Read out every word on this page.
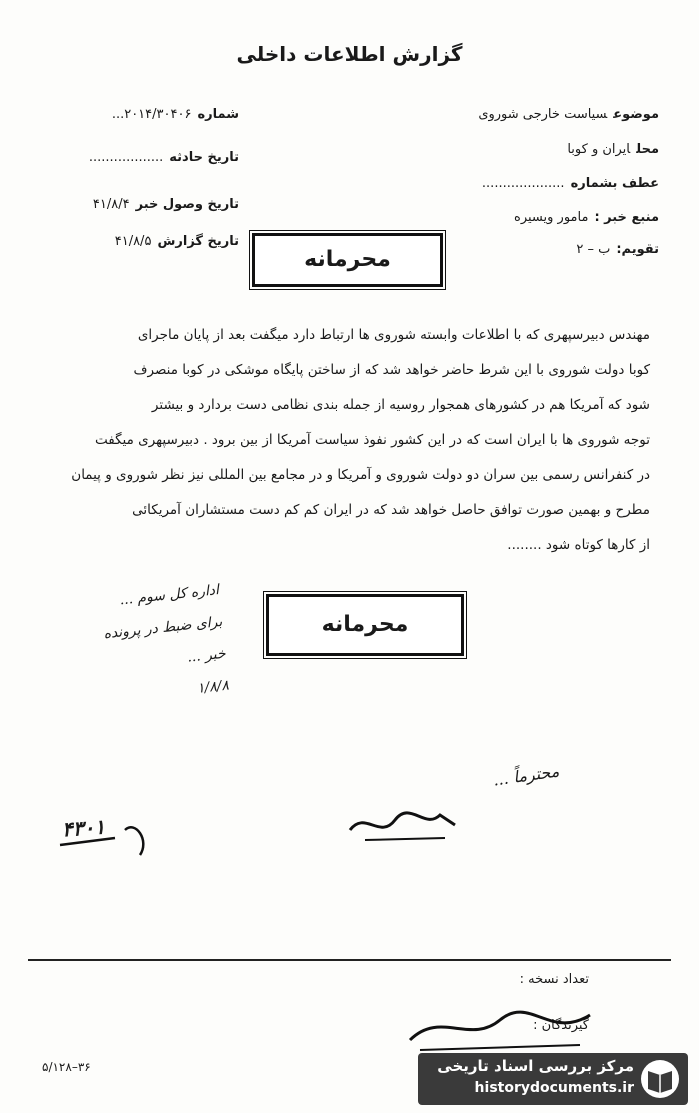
گزارش اطلاعات داخلی
موضوعسیاست خارجی شوروی
محلایران و کوبا
عطف بشماره....................
منبع خبر :مامور ویسیره
تقویم:ب – ۲
شماره۲۰۱۴/۳۰۴۰۶...
تاریخ حادثه..................
تاریخ وصول خبر۴۱/۸/۴
تاریخ گزارش۴۱/۸/۵
محرمانه
محرمانه
مهندس دبیرسپهری که با اطلاعات وابسته شوروی ها ارتباط دارد میگفت بعد از پایان ماجرای
کوبا دولت شوروی با این شرط حاضر خواهد شد که از ساختن پایگاه موشکی در کوبا منصرف
شود که آمریکا هم در کشورهای همجوار روسیه از جمله بندی نظامی دست بردارد و بیشتر
توجه شوروی ها با ایران است که در این کشور نفوذ سیاست آمریکا از بین برود . دبیرسپهری میگفت
در کنفرانس رسمی بین سران دو دولت شوروی و آمریکا و در مجامع بین المللی نیز نظر شوروی و پیمان
مطرح و بهمین صورت توافق حاصل خواهد شد که در ایران کم کم دست مستشاران آمریکائی
از کارها کوتاه شود ........
اداره کل سوم ...
برای ضبط در پرونده
خبر ...
۱/۸/۸
محترماً ...
۴۳۰۱
تعداد نسخه :
گیرندگان :
۵/۱۲۸–۳۶	مرکز بررسی اسناد تاریخی
historydocuments.ir
